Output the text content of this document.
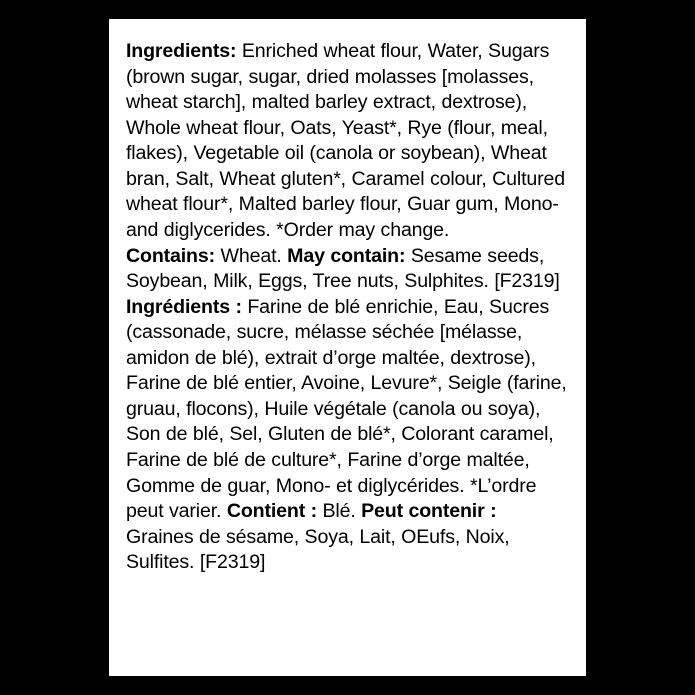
Ingredients: Enriched wheat flour, Water, Sugars (brown sugar, sugar, dried molasses [molasses, wheat starch], malted barley extract, dextrose), Whole wheat flour, Oats, Yeast*, Rye (flour, meal, flakes), Vegetable oil (canola or soybean), Wheat bran, Salt, Wheat gluten*, Caramel colour, Cultured wheat flour*, Malted barley flour, Guar gum, Mono- and diglycerides. *Order may change.
Contains: Wheat. May contain: Sesame seeds, Soybean, Milk, Eggs, Tree nuts, Sulphites. [F2319]
Ingrédients : Farine de blé enrichie, Eau, Sucres (cassonade, sucre, mélasse séchée [mélasse, amidon de blé), extrait d’orge maltée, dextrose), Farine de blé entier, Avoine, Levure*, Seigle (farine, gruau, flocons), Huile végétale (canola ou soya), Son de blé, Sel, Gluten de blé*, Colorant caramel, Farine de blé de culture*, Farine d’orge maltée, Gomme de guar, Mono- et diglycérides. *L’ordre peut varier. Contient : Blé. Peut contenir : Graines de sésame, Soya, Lait, OEufs, Noix, Sulfites. [F2319]
